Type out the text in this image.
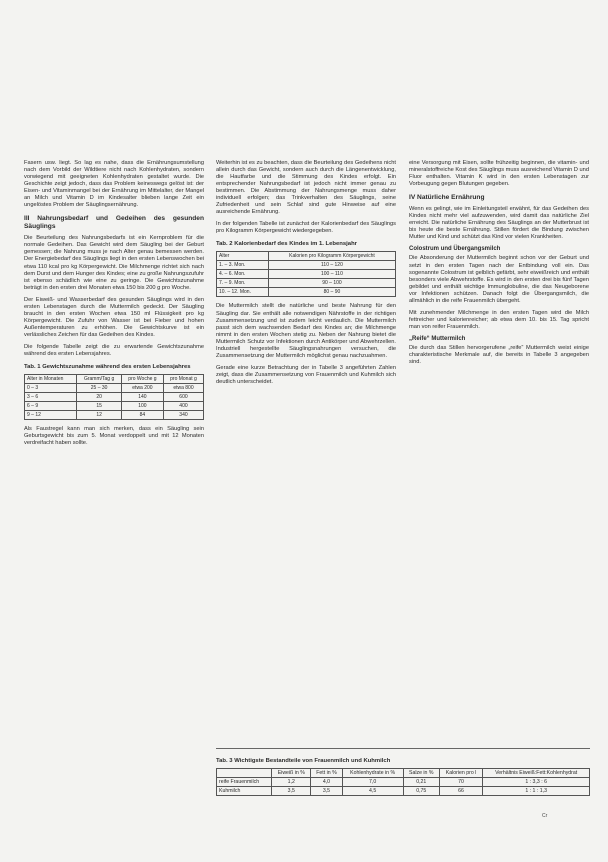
Fasern usw. liegt. So lag es nahe, dass die Ernährungsumstellung nach dem Vorbild der Wildtiere nicht nach Kohlenhydraten, sondern vorwiegend mit geeigneten Kohlenhydraten gestaltet wurde. Die Geschichte zeigt jedoch, dass das Problem keineswegs gelöst ist: der Eisen- und Vitaminmangel bei der Ernährung im Mittelalter, der Mangel an Milch und Vitamin D im Kindesalter blieben lange Zeit ein ungelöstes Problem der Säuglingsernährung.

III Nahrungsbedarf und Gedeihen des gesunden Säuglings

Die Beurteilung des Nahrungsbedarfs ist ein Kernproblem für die normale Gedeihen. Das Gewicht wird dem Säugling bei der Geburt gemessen; die Nahrung muss je nach Alter genau bemessen werden. Der Energiebedarf des Säuglings liegt in den ersten Lebenswochen bei etwa 110 kcal pro kg Körpergewicht. Die Milchmenge richtet sich nach dem Durst und dem Hunger des Kindes; eine zu große Nahrungszufuhr ist ebenso schädlich wie eine zu geringe. Die Gewichtszunahme beträgt in den ersten drei Monaten etwa 150 bis 200 g pro Woche.

Der Eiweiß- und Wasserbedarf des gesunden Säuglings wird in den ersten Lebenstagen durch die Muttermilch gedeckt. Der Säugling braucht in den ersten Wochen etwa 150 ml Flüssigkeit pro kg Körpergewicht. Die Zufuhr von Wasser ist bei Fieber und hohen Außentemperaturen zu erhöhen. Die Gewichtskurve ist ein verlässliches Zeichen für das Gedeihen des Kindes.

Die folgende Tabelle zeigt die zu erwartende Gewichtszunahme während des ersten Lebensjahres.

Tab. 1 Gewichtszunahme während des ersten Lebensjahres
Alter in Monaten	Gramm/Tag g	pro Woche g	pro Monat g
0 – 3	25 – 30	etwa 200	etwa 800
3 – 6	20	140	600
6 – 9	15	100	400
9 – 12	12	84	340

Als Faustregel kann man sich merken, dass ein Säugling sein Geburtsgewicht bis zum 5. Monat verdoppelt und mit 12 Monaten verdreifacht haben sollte.

Weiterhin ist es zu beachten, dass die Beurteilung des Gedeihens nicht allein durch das Gewicht, sondern auch durch die Längenentwicklung, die Hautfarbe und die Stimmung des Kindes erfolgt. Ein entsprechender Nahrungsbedarf ist jedoch nicht immer genau zu bestimmen. Die Abstimmung der Nahrungsmenge muss daher individuell erfolgen; das Trinkverhalten des Säuglings, seine Zufriedenheit und sein Schlaf sind gute Hinweise auf eine ausreichende Ernährung.

In der folgenden Tabelle ist zunächst der Kalorienbedarf des Säuglings pro Kilogramm Körpergewicht wiedergegeben.

Tab. 2 Kalorienbedarf des Kindes im 1. Lebensjahr
Alter	Kalorien pro Kilogramm Körpergewicht
1. – 3. Mon.	110 – 120
4. – 6. Mon.	100 – 110
7. – 9. Mon.	90 – 100
10. – 12. Mon.	80 – 90

Die Muttermilch stellt die natürliche und beste Nahrung für den Säugling dar. Sie enthält alle notwendigen Nährstoffe in der richtigen Zusammensetzung und ist zudem leicht verdaulich. Die Muttermilch passt sich dem wachsenden Bedarf des Kindes an; die Milchmenge nimmt in den ersten Wochen stetig zu. Neben der Nahrung bietet die Muttermilch Schutz vor Infektionen durch Antikörper und Abwehrzellen. Industriell hergestellte Säuglingsnahrungen versuchen, die Zusammensetzung der Muttermilch möglichst genau nachzuahmen.

Gerade eine kurze Betrachtung der in Tabelle 3 angeführten Zahlen zeigt, dass die Zusammensetzung von Frauenmilch und Kuhmilch sich deutlich unterscheidet.

eine Versorgung mit Eisen, sollte frühzeitig beginnen, die vitamin- und mineralstoffreiche Kost des Säuglings muss ausreichend Vitamin D und Fluor enthalten. Vitamin K wird in den ersten Lebenstagen zur Vorbeugung gegen Blutungen gegeben.

IV Natürliche Ernährung

Wenn es gelingt, wie im Einleitungsteil erwähnt, für das Gedeihen des Kindes nicht mehr viel aufzuwenden, wird damit das natürliche Ziel erreicht. Die natürliche Ernährung des Säuglings an der Mutterbrust ist bis heute die beste Ernährung. Stillen fördert die Bindung zwischen Mutter und Kind und schützt das Kind vor vielen Krankheiten.

Colostrum und Übergangsmilch

Die Absonderung der Muttermilch beginnt schon vor der Geburt und setzt in den ersten Tagen nach der Entbindung voll ein. Das sogenannte Colostrum ist gelblich gefärbt, sehr eiweißreich und enthält besonders viele Abwehrstoffe. Es wird in den ersten drei bis fünf Tagen gebildet und enthält wichtige Immunglobuline, die das Neugeborene vor Infektionen schützen. Danach folgt die Übergangsmilch, die allmählich in die reife Frauenmilch übergeht.

Mit zunehmender Milchmenge in den ersten Tagen wird die Milch fettreicher und kalorienreicher; ab etwa dem 10. bis 15. Tag spricht man von reifer Frauenmilch.

„Reife“ Muttermilch

Die durch das Stillen hervorgerufene „reife“ Muttermilch weist einige charakteristische Merkmale auf, die bereits in Tabelle 3 angegeben sind.

Tab. 3 Wichtigste Bestandteile von Frauenmilch und Kuhmilch
	Eiweiß in %	Fett in %	Kohlenhydrate in %	Salze in %	Kalorien pro l	Verhältnis Eiweiß:Fett:Kohlenhydrat
reife Frauenmilch	1,2	4,0	7,0	0,21	70	1 : 3,3 : 6
Kuhmilch	3,5	3,5	4,5	0,75	66	1 : 1 : 1,3
Cr
